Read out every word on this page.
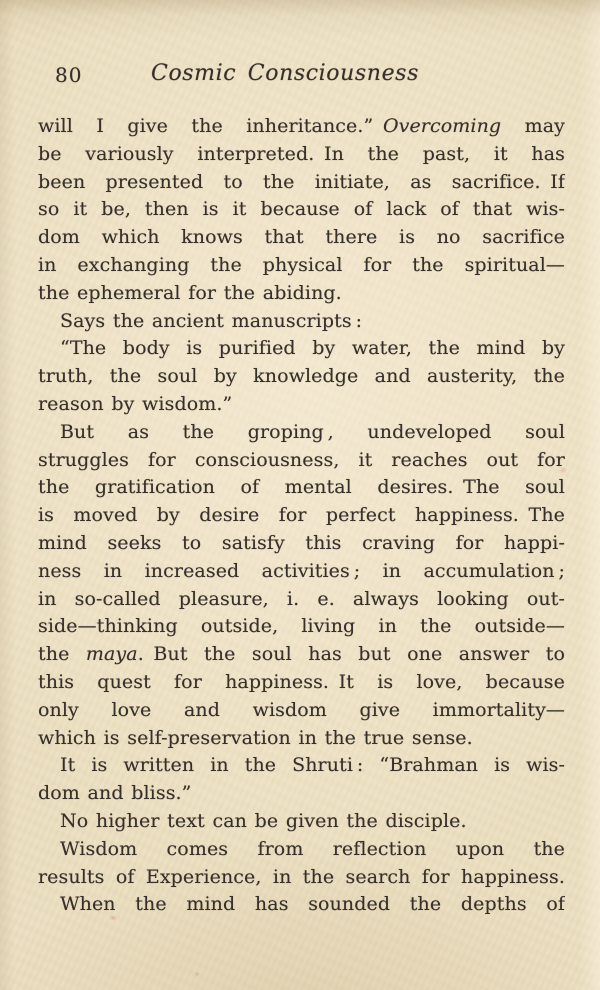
80	Cosmic Consciousness
will I give the inheritance.” Overcoming may
be variously interpreted. In the past, it has
been presented to the initiate, as sacrifice. If
so it be, then is it because of lack of that wis-
dom which knows that there is no sacrifice
in exchanging the physical for the spiritual—
the ephemeral for the abiding.
Says the ancient manuscripts :
“The body is purified by water, the mind by
truth, the soul by knowledge and austerity, the
reason by wisdom.”
But as the groping , undeveloped soul
struggles for consciousness, it reaches out for
the gratification of mental desires. The soul
is moved by desire for perfect happiness. The
mind seeks to satisfy this craving for happi-
ness in increased activities ; in accumulation ;
in so-called pleasure, i. e. always looking out-
side—thinking outside, living in the outside—
the maya. But the soul has but one answer to
this quest for happiness. It is love, because
only love and wisdom give immortality—
which is self-preservation in the true sense.
It is written in the Shruti : “Brahman is wis-
dom and bliss.”
No higher text can be given the disciple.
Wisdom comes from reflection upon the
results of Experience, in the search for happiness.
When the mind has sounded the depths of
